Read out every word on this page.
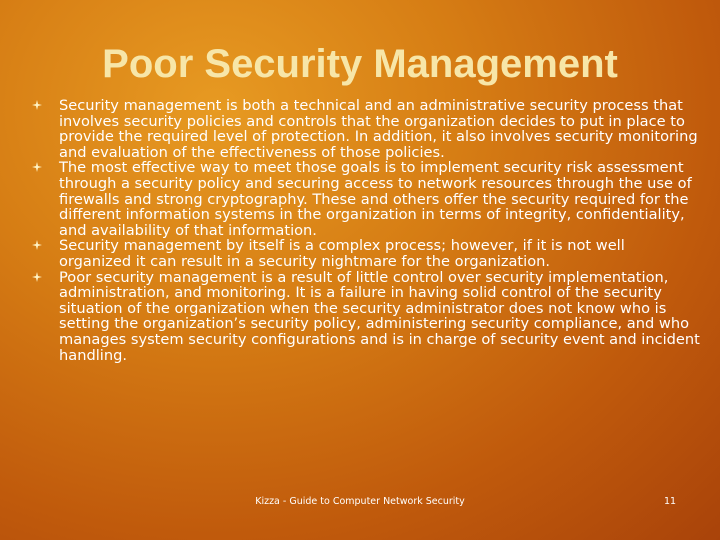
Poor Security Management
Security management is both a technical and an administrative security process that involves security policies and controls that the organization decides to put in place to provide the required level of protection. In addition, it also involves security monitoring and evaluation of the effectiveness of those policies.
The most effective way to meet those goals is to implement security risk assessment through a security policy and securing access to network resources through the use of firewalls and strong cryptography. These and others offer the security required for the different information systems in the organization in terms of integrity, confidentiality, and availability of that information.
Security management by itself is a complex process; however, if it is not well organized it can result in a security nightmare for the organization.
Poor security management is a result of little control over security implementation, administration, and monitoring. It is a failure in having solid control of the security situation of the organization when the security administrator does not know who is setting the organization’s security policy, administering security compliance, and who manages system security configurations and is in charge of security event and incident handling.
Kizza - Guide to Computer Network Security	11
